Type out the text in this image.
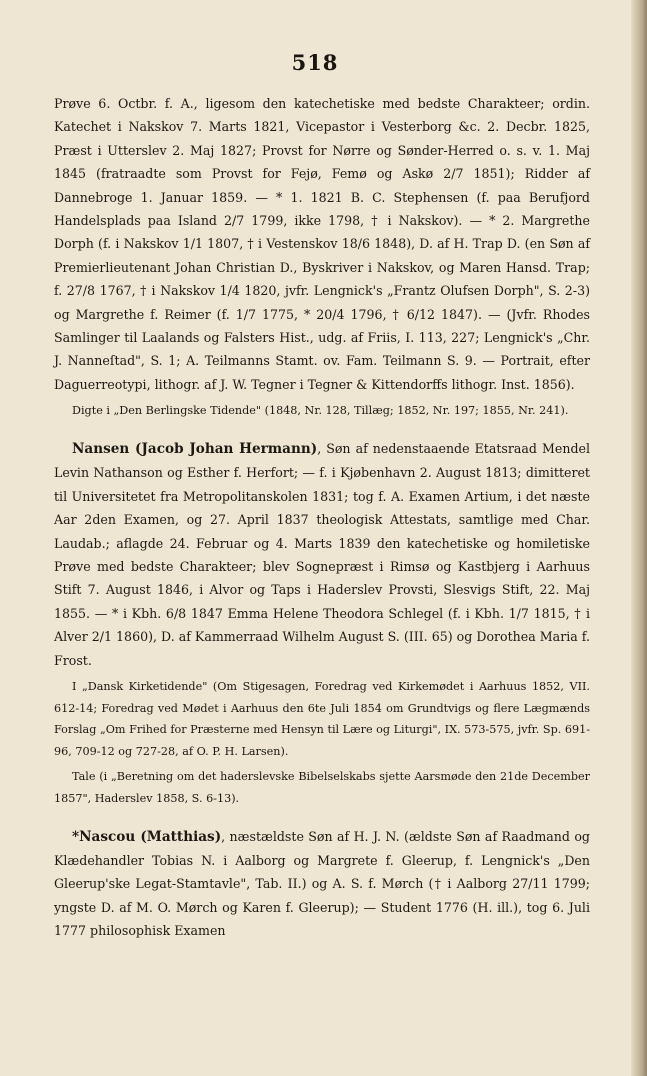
518

Prøve 6. Octbr. f. A., ligesom den katechetiske med bedste Charakteer; ordin. Katechet i Nakskov 7. Marts 1821, Vicepastor i Vesterborg &c. 2. Decbr. 1825, Præst i Utterslev 2. Maj 1827; Provst for Nørre og Sønder-Herred o. s. v. 1. Maj 1845 (fratraadte som Provst for Fejø, Femø og Askø 2/7 1851); Ridder af Dannebroge 1. Januar 1859. — * 1. 1821 B. C. Stephensen (f. paa Berufjord Handelsplads paa Island 2/7 1799, ikke 1798, † i Nakskov). — * 2. Margrethe Dorph (f. i Nakskov 1/1 1807, † i Vestenskov 18/6 1848), D. af H. Trap D. (en Søn af Premierlieutenant Johan Christian D., Byskriver i Nakskov, og Maren Hansd. Trap; f. 27/8 1767, † i Nakskov 1/4 1820, jvfr. Lengnick's „Frantz Olufsen Dorph", S. 2-3) og Margrethe f. Reimer (f. 1/7 1775, * 20/4 1796, † 6/12 1847). — (Jvfr. Rhodes Samlinger til Laalands og Falsters Hist., udg. af Friis, I. 113, 227; Lengnick's „Chr. J. Nanneſtad", S. 1; A. Teilmanns Stamt. ov. Fam. Teilmann S. 9. — Portrait, efter Daguerreotypi, lithogr. af J. W. Tegner i Tegner & Kittendorffs lithogr. Inst. 1856).

Digte i „Den Berlingske Tidende" (1848, Nr. 128, Tillæg; 1852, Nr. 197; 1855, Nr. 241).

Nansen (Jacob Johan Hermann), Søn af nedenstaaende Etatsraad Mendel Levin Nathanson og Esther f. Herfort; — f. i Kjøbenhavn 2. August 1813; dimitteret til Universitetet fra Metropolitanskolen 1831; tog f. A. Examen Artium, i det næste Aar 2den Examen, og 27. April 1837 theologisk Attestats, samtlige med Char. Laudab.; aflagde 24. Februar og 4. Marts 1839 den katechetiske og homiletiske Prøve med bedste Charakteer; blev Sognepræst i Rimsø og Kastbjerg i Aarhuus Stift 7. August 1846, i Alvor og Taps i Haderslev Provsti, Slesvigs Stift, 22. Maj 1855. — * i Kbh. 6/8 1847 Emma Helene Theodora Schlegel (f. i Kbh. 1/7 1815, † i Alver 2/1 1860), D. af Kammerraad Wilhelm August S. (III. 65) og Dorothea Maria f. Frost.

I „Dansk Kirketidende" (Om Stigesagen, Foredrag ved Kirkemødet i Aarhuus 1852, VII. 612-14; Foredrag ved Mødet i Aarhuus den 6te Juli 1854 om Grundtvigs og flere Lægmænds Forslag „Om Frihed for Præsterne med Hensyn til Lære og Liturgi", IX. 573-575, jvfr. Sp. 691-96, 709-12 og 727-28, af O. P. H. Larsen).

Tale (i „Beretning om det haderslevske Bibelselskabs sjette Aarsmøde den 21de December 1857", Haderslev 1858, S. 6-13).

*Nascou (Matthias), næstældste Søn af H. J. N. (ældste Søn af Raadmand og Klædehandler Tobias N. i Aalborg og Margrete f. Gleerup, f. Lengnick's „Den Gleerup'ske Legat-Stamtavle", Tab. II.) og A. S. f. Mørch († i Aalborg 27/11 1799; yngste D. af M. O. Mørch og Karen f. Gleerup); — Student 1776 (H. ill.), tog 6. Juli 1777 philosophisk Examen
